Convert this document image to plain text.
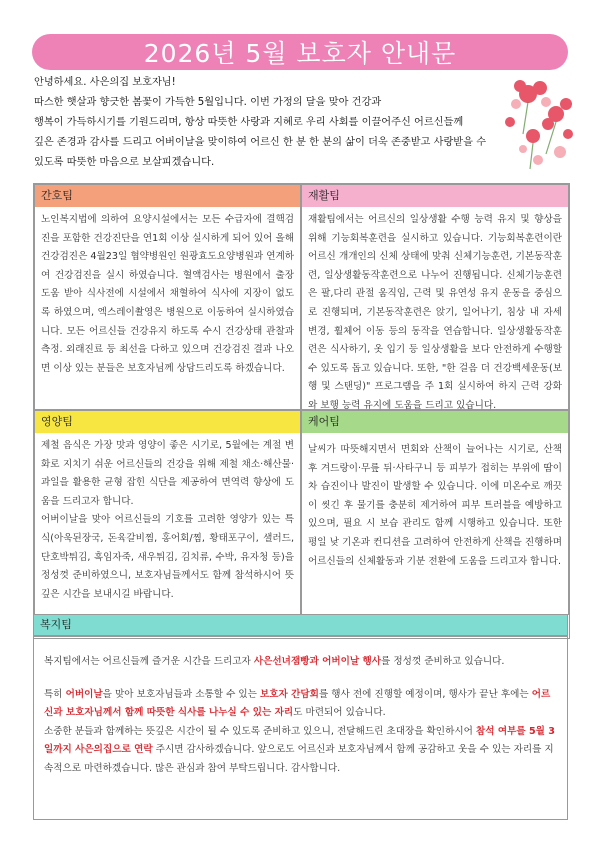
2026년 5월 보호자 안내문

안녕하세요. 사은의집 보호자님!

따스한 햇살과 향긋한 봄꽃이 가득한 5월입니다. 이번 가정의 달을 맞아 건강과

행복이 가득하시기를 기원드리며, 항상 따뜻한 사랑과 지혜로 우리 사회를 이끌어주신 어르신들께

깊은 존경과 감사를 드리고 어버이날을 맞이하여 어르신 한 분 한 분의 삶이 더욱 존중받고 사랑받을 수

있도록 따뜻한 마음으로 보살피겠습니다.

간호팀
노인복지법에 의하여 요양시설에서는 모든 수급자에 결핵검진을 포함한 건강진단을 연1회 이상 실시하게 되어 있어 올해 건강검진은 4월23일 협약병원인 원광효도요양병원과 연계하여 건강검진을 실시 하였습니다. 혈액검사는 병원에서 출장도움 받아 식사전에 시설에서 채혈하여 식사에 지장이 없도록 하였으며, 엑스레이촬영은 병원으로 이동하여 실시하였습니다. 모든 어르신들 건강유지 하도록 수시 건강상태 관찰과 측정. 외래진료 등 최선을 다하고 있으며 건강검진 결과 나오면 이상 있는 분들은 보호자님께 상담드리도록 하겠습니다.
재활팀
재활팀에서는 어르신의 일상생활 수행 능력 유지 및 향상을 위해 기능회복훈련을 실시하고 있습니다. 기능회복훈련이란 어르신 개개인의 신체 상태에 맞춰 신체기능훈련, 기본동작훈련, 일상생활동작훈련으로 나누어 진행됩니다. 신체기능훈련은 팔,다리 관절 움직임, 근력 및 유연성 유지 운동을 중심으로 진행되며, 기본동작훈련은 앉기, 일어나기, 침상 내 자세 변경, 휠체어 이동 등의 동작을 연습합니다. 일상생활동작훈련은 식사하기, 옷 입기 등 일상생활을 보다 안전하게 수행할 수 있도록 돕고 있습니다. 또한, "한 걸음 더 건강백세운동(보행 및 스탠딩)" 프로그램을 주 1회 실시하여 하지 근력 강화와 보행 능력 유지에 도움을 드리고 있습니다.
영양팀

제철 음식은 가장 맛과 영양이 좋은 시기로, 5월에는 계절 변화로 지치기 쉬운 어르신들의 건강을 위해 제철 채소·해산물·과일을 활용한 균형 잡힌 식단을 제공하여 면역력 향상에 도움을 드리고자 합니다.

어버이날을 맞아 어르신들의 기호를 고려한 영양가 있는 특식(아욱된장국, 돈육갈비찜, 홍어회/찜, 황태포구이, 샐러드, 단호박튀김, 흑임자죽, 새우튀김, 김치류, 수박, 유자청 등)을 정성껏 준비하였으니, 보호자님들께서도 함께 참석하시어 뜻깊은 시간을 보내시길 바랍니다.

케어팀
날씨가 따뜻해지면서 면회와 산책이 늘어나는 시기로, 산책 후 겨드랑이·무릎 뒤·사타구니 등 피부가 접히는 부위에 땀이 차 습진이나 발진이 발생할 수 있습니다. 이에 미온수로 깨끗이 씻긴 후 물기를 충분히 제거하여 피부 트러블을 예방하고 있으며, 필요 시 보습 관리도 함께 시행하고 있습니다. 또한 평일 낮 기온과 컨디션을 고려하여 안전하게 산책을 진행하며 어르신들의 신체활동과 기분 전환에 도움을 드리고자 합니다.
복지팀

복지팀에서는 어르신들께 즐거운 시간을 드리고자 사은선녀잼빵과 어버이날 행사를 정성껏 준비하고 있습니다.

특히 어버이날을 맞아 보호자님들과 소통할 수 있는 보호자 간담회를 행사 전에 진행할 예정이며, 행사가 끝난 후에는 어르신과 보호자님께서 함께 따뜻한 식사를 나누실 수 있는 자리도 마련되어 있습니다.

소중한 분들과 함께하는 뜻깊은 시간이 될 수 있도록 준비하고 있으니, 전달해드린 초대장을 확인하시어 참석 여부를 5월 3일까지 사은의집으로 연락 주시면 감사하겠습니다. 앞으로도 어르신과 보호자님께서 함께 공감하고 웃을 수 있는 자리를 지속적으로 마련하겠습니다. 많은 관심과 참여 부탁드립니다. 감사합니다.
